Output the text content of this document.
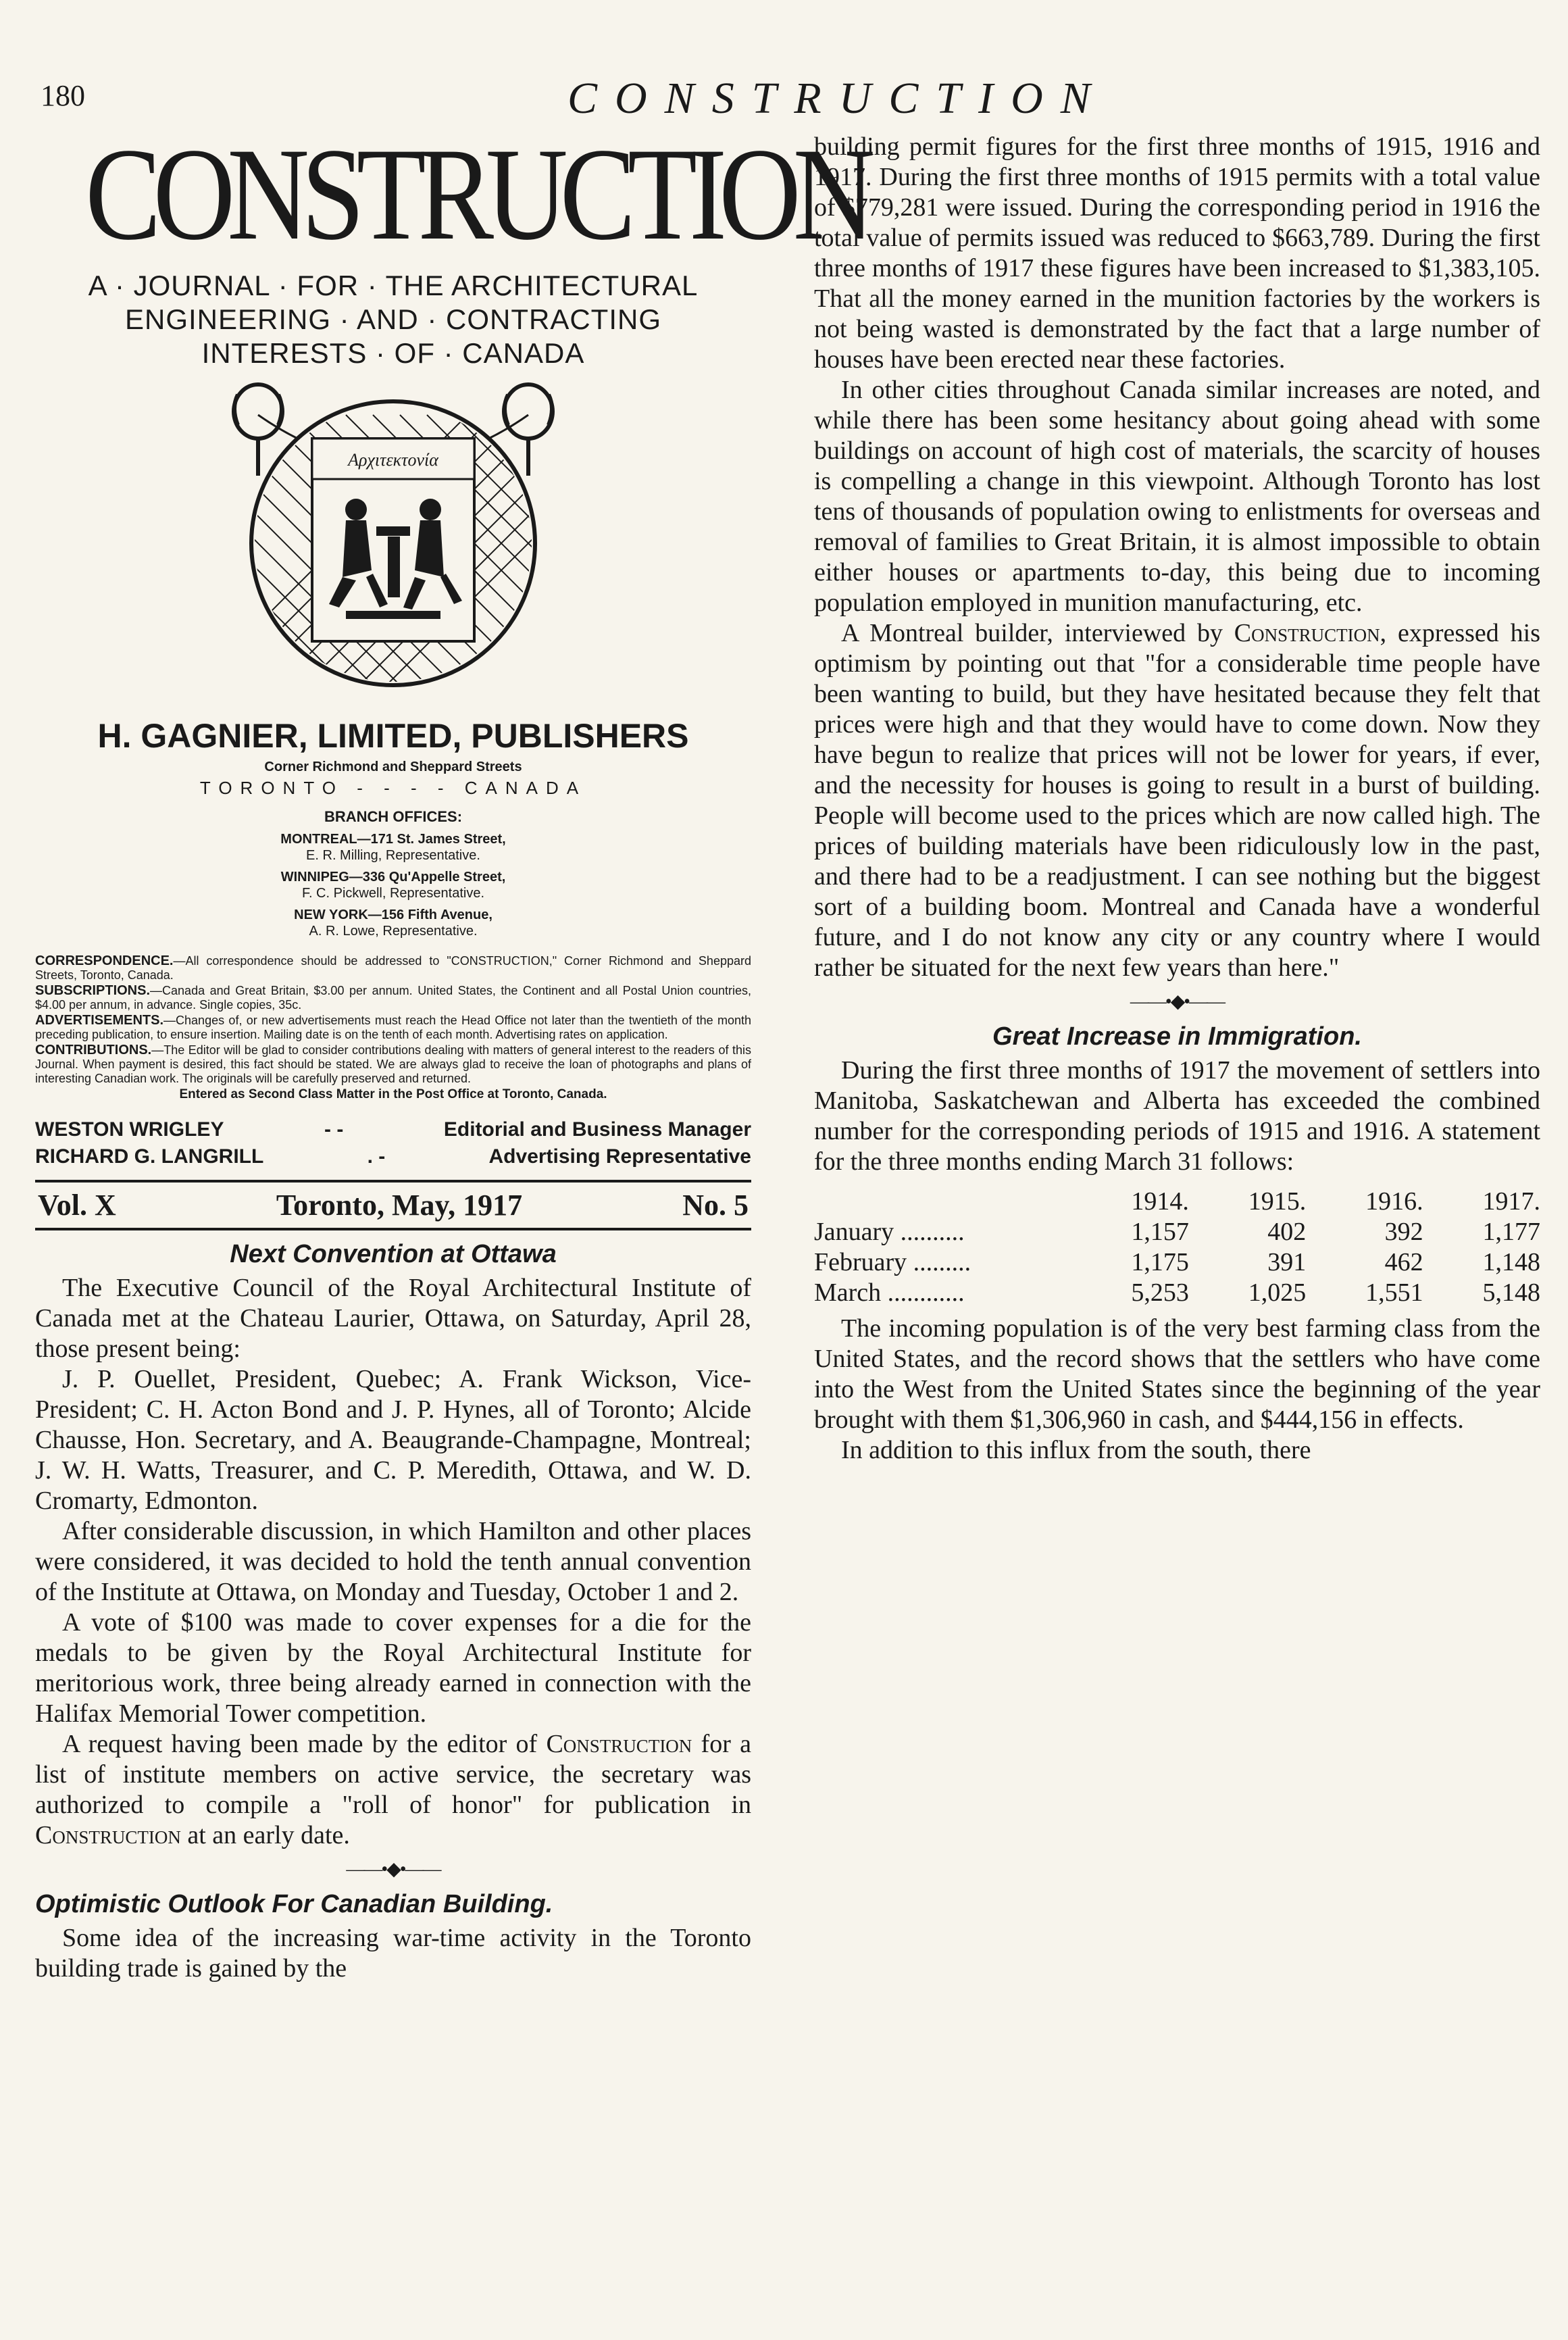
180	CONSTRUCTION
CONSTRUCTION
A · JOURNAL · FOR · THE ARCHITECTURAL
ENGINEERING · AND · CONTRACTING
INTERESTS · OF · CANADA
Αρχιτεκτονία
H. GAGNIER, LIMITED, PUBLISHERS
Corner Richmond and Sheppard Streets
TORONTO - - - - CANADA
BRANCH OFFICES:
MONTREAL—171 St. James Street,
E. R. Milling, Representative.
WINNIPEG—336 Qu'Appelle Street,
F. C. Pickwell, Representative.
NEW YORK—156 Fifth Avenue,
A. R. Lowe, Representative.

CORRESPONDENCE.—All correspondence should be addressed to "CONSTRUCTION," Corner Richmond and Sheppard Streets, Toronto, Canada.

SUBSCRIPTIONS.—Canada and Great Britain, $3.00 per annum. United States, the Continent and all Postal Union countries, $4.00 per annum, in advance. Single copies, 35c.

ADVERTISEMENTS.—Changes of, or new advertisements must reach the Head Office not later than the twentieth of the month preceding publication, to ensure insertion. Mailing date is on the tenth of each month. Advertising rates on application.

CONTRIBUTIONS.—The Editor will be glad to consider contributions dealing with matters of general interest to the readers of this Journal. When payment is desired, this fact should be stated. We are always glad to receive the loan of photographs and plans of interesting Canadian work. The originals will be carefully preserved and returned.

Entered as Second Class Matter in the Post Office at Toronto, Canada.
WESTON WRIGLEY	- -	Editorial and Business Manager
RICHARD G. LANGRILL	. -	Advertising Representative
Vol. X	Toronto, May, 1917	No. 5
Next Convention at Ottawa

The Executive Council of the Royal Architectural Institute of Canada met at the Chateau Laurier, Ottawa, on Saturday, April 28, those present being:

J. P. Ouellet, President, Quebec; A. Frank Wickson, Vice-President; C. H. Acton Bond and J. P. Hynes, all of Toronto; Alcide Chausse, Hon. Secretary, and A. Beaugrande-Champagne, Montreal; J. W. H. Watts, Treasurer, and C. P. Meredith, Ottawa, and W. D. Cromarty, Edmonton.

After considerable discussion, in which Hamilton and other places were considered, it was decided to hold the tenth annual convention of the Institute at Ottawa, on Monday and Tuesday, October 1 and 2.

A vote of $100 was made to cover expenses for a die for the medals to be given by the Royal Architectural Institute for meritorious work, three being already earned in connection with the Halifax Memorial Tower competition.

A request having been made by the editor of Construction for a list of institute members on active service, the secretary was authorized to compile a "roll of honor" for publication in Construction at an early date.

——•◆•——
Optimistic Outlook For Canadian Building.

Some idea of the increasing war-time activity in the Toronto building trade is gained by the

building permit figures for the first three months of 1915, 1916 and 1917. During the first three months of 1915 permits with a total value of $779,281 were issued. During the corresponding period in 1916 the total value of permits issued was reduced to $663,789. During the first three months of 1917 these figures have been increased to $1,383,105. That all the money earned in the munition factories by the workers is not being wasted is demonstrated by the fact that a large number of houses have been erected near these factories.

In other cities throughout Canada similar increases are noted, and while there has been some hesitancy about going ahead with some buildings on account of high cost of materials, the scarcity of houses is compelling a change in this viewpoint. Although Toronto has lost tens of thousands of population owing to enlistments for overseas and removal of families to Great Britain, it is almost impossible to obtain either houses or apartments to-day, this being due to incoming population employed in munition manufacturing, etc.

A Montreal builder, interviewed by Construction, expressed his optimism by pointing out that "for a considerable time people have been wanting to build, but they have hesitated because they felt that prices were high and that they would have to come down. Now they have begun to realize that prices will not be lower for years, if ever, and the necessity for houses is going to result in a burst of building. People will become used to the prices which are now called high. The prices of building materials have been ridiculously low in the past, and there had to be a readjustment. I can see nothing but the biggest sort of a building boom. Montreal and Canada have a wonderful future, and I do not know any city or any country where I would rather be situated for the next few years than here."

——•◆•——
Great Increase in Immigration.

During the first three months of 1917 the movement of settlers into Manitoba, Saskatchewan and Alberta has exceeded the combined number for the corresponding periods of 1915 and 1916. A statement for the three months ending March 31 follows:

	1914.	1915.	1916.	1917.
January ..........	1,157	402	392	1,177
February .........	1,175	391	462	1,148
March ............	5,253	1,025	1,551	5,148

The incoming population is of the very best farming class from the United States, and the record shows that the settlers who have come into the West from the United States since the beginning of the year brought with them $1,306,960 in cash, and $444,156 in effects.

In addition to this influx from the south, there
